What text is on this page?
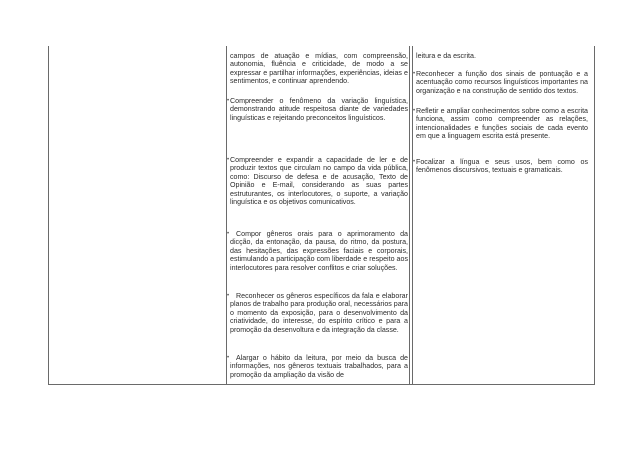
campos de atuação e mídias, com compreensão, autonomia, fluência e criticidade, de modo a se expressar e partilhar informações, experiências, ideias e sentimentos, e continuar aprendendo.

• Compreender o fenômeno da variação linguística, demonstrando atitude respeitosa diante de variedades linguísticas e rejeitando preconceitos linguísticos.

• Compreender e expandir a capacidade de ler e de produzir textos que circulam no campo da vida pública, como: Discurso de defesa e de acusação, Texto de Opinião e E-mail, considerando as suas partes estruturantes, os interlocutores, o suporte, a variação linguística e os objetivos comunicativos.

• Compor gêneros orais para o aprimoramento da dicção, da entonação, da pausa, do ritmo, da postura, das hesitações, das expressões faciais e corporais, estimulando a participação com liberdade e respeito aos interlocutores para resolver conflitos e criar soluções.

• Reconhecer os gêneros específicos da fala e elaborar planos de trabalho para produção oral, necessários para o momento da exposição, para o desenvolvimento da criatividade, do interesse, do espírito crítico e para a promoção da desenvoltura e da integração da classe.

• Alargar o hábito da leitura, por meio da busca de informações, nos gêneros textuais trabalhados, para a promoção da ampliação da visão de

leitura e da escrita.

• Reconhecer a função dos sinais de pontuação e a acentuação como recursos linguísticos importantes na organização e na construção de sentido dos textos.

• Refletir e ampliar conhecimentos sobre como a escrita funciona, assim como compreender as relações, intencionalidades e funções sociais de cada evento em que a linguagem escrita está presente.

• Focalizar a língua e seus usos, bem como os fenômenos discursivos, textuais e gramaticais.
